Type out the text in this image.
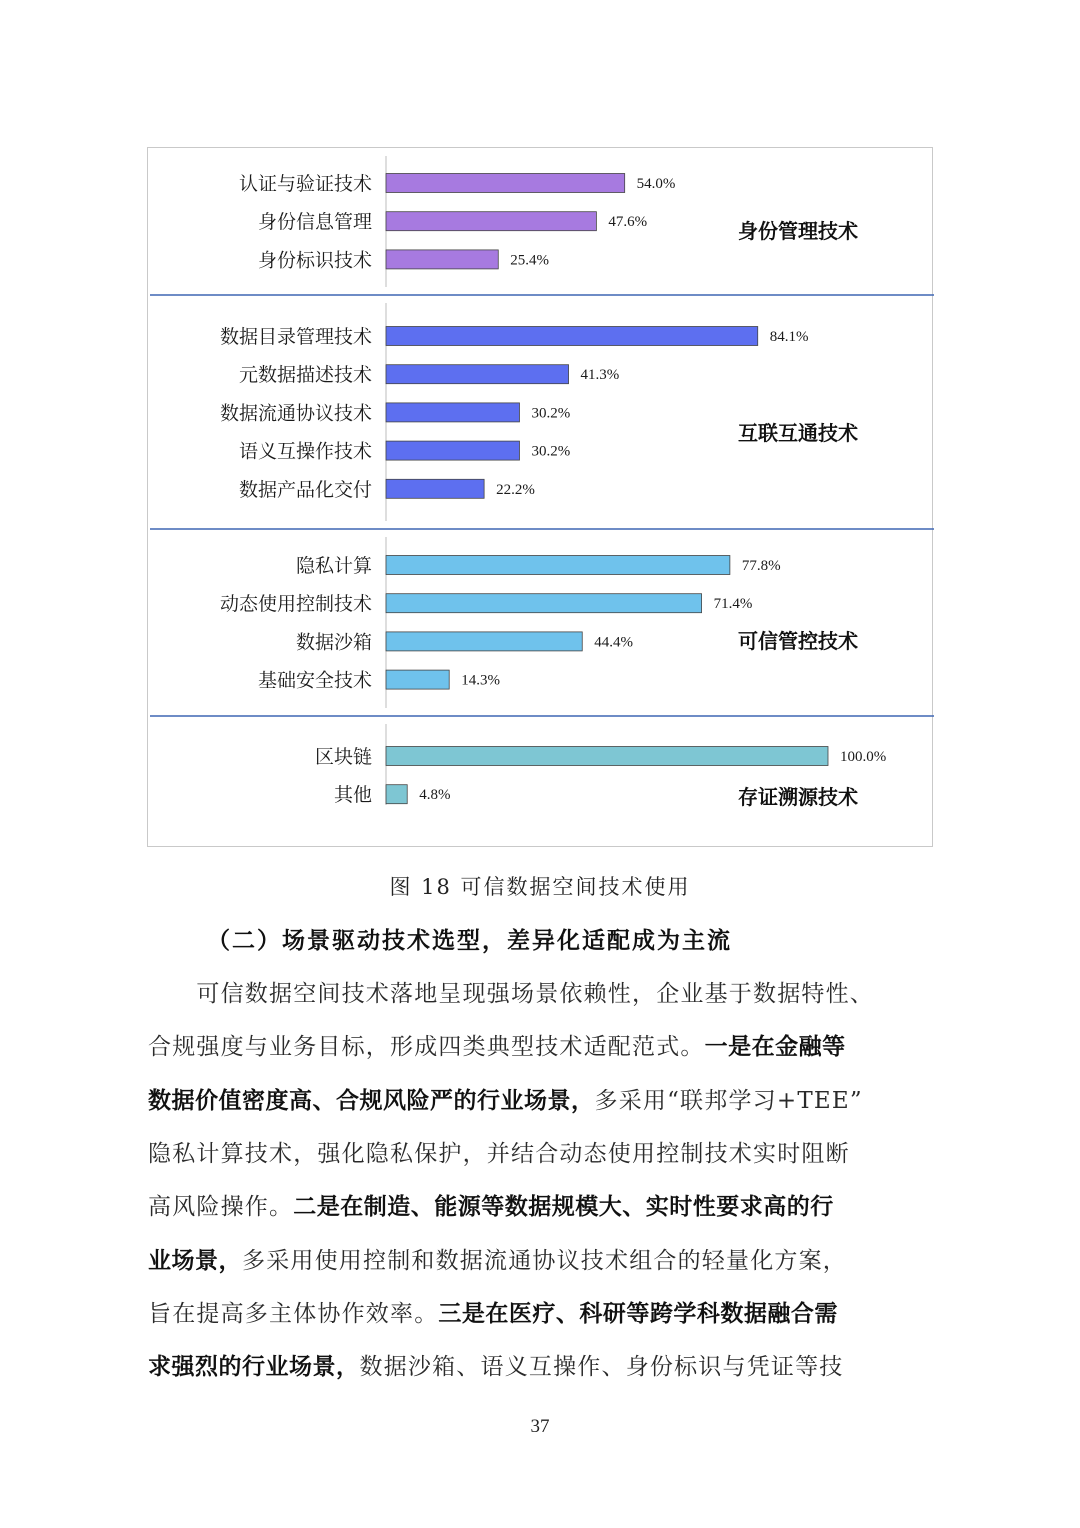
认证与验证技术	54.0%
身份信息管理	47.6%
身份标识技术	25.4%
身份管理技术
数据目录管理技术	84.1%
元数据描述技术	41.3%
数据流通协议技术	30.2%
语义互操作技术	30.2%
数据产品化交付	22.2%
互联互通技术
隐私计算	77.8%
动态使用控制技术	71.4%
数据沙箱	44.4%
基础安全技术	14.3%
可信管控技术
区块链	100.0%
其他	4.8%	存证溯源技术
图 18 可信数据空间技术使用
（二）场景驱动技术选型，差异化适配成为主流
　　可信数据空间技术落地呈现强场景依赖性，企业基于数据特性、
合规强度与业务目标，形成四类典型技术适配范式。一是在金融等
数据价值密度高、合规风险严的行业场景，多采用“联邦学习+TEE”
隐私计算技术，强化隐私保护，并结合动态使用控制技术实时阻断
高风险操作。二是在制造、能源等数据规模大、实时性要求高的行
业场景，多采用使用控制和数据流通协议技术组合的轻量化方案，
旨在提高多主体协作效率。三是在医疗、科研等跨学科数据融合需
求强烈的行业场景，数据沙箱、语义互操作、身份标识与凭证等技
37
